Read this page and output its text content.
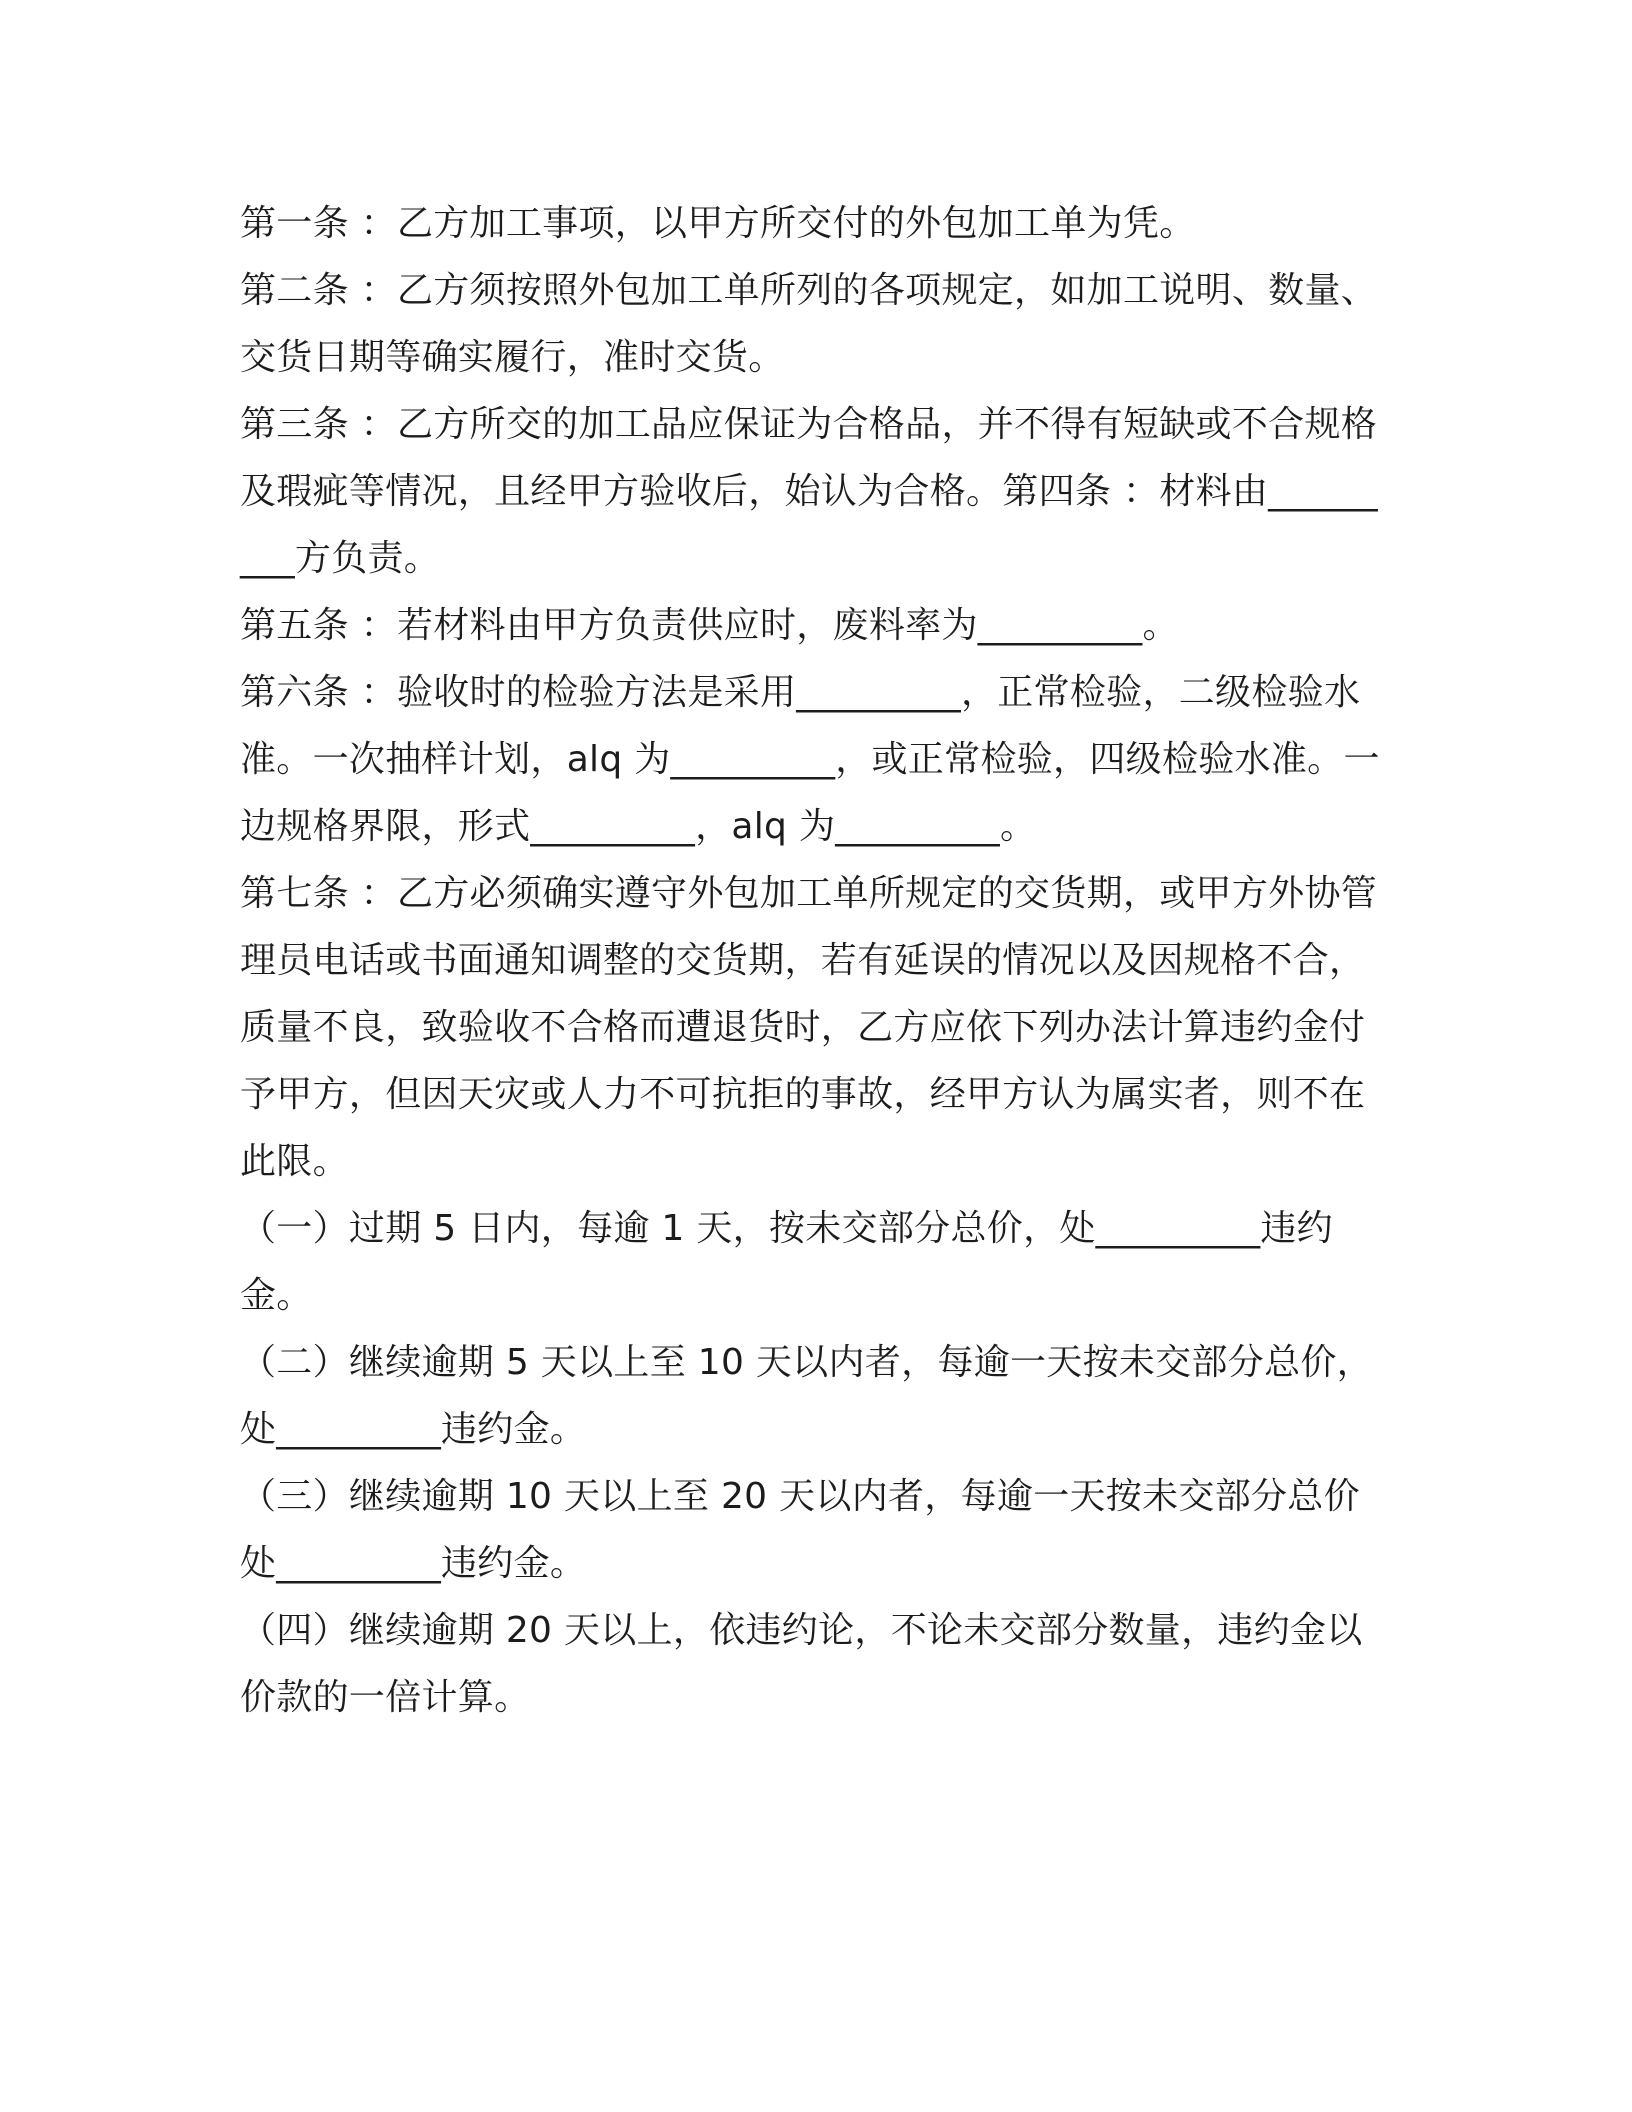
第一条 ：乙方加工事项，以甲方所交付的外包加工单为凭。

第二条 ：乙方须按照外包加工单所列的各项规定，如加工说明、数量、交货日期等确实履行，准时交货。

第三条 ：乙方所交的加工品应保证为合格品，并不得有短缺或不合规格及瑕疵等情况，且经甲方验收后，始认为合格。第四条 ：材料由_________方负责。

第五条 ：若材料由甲方负责供应时，废料率为_________。

第六条 ：验收时的检验方法是采用_________，正常检验，二级检验水准。一次抽样计划，alq 为_________，或正常检验，四级检验水准。一边规格界限，形式_________，alq 为_________。

第七条 ：乙方必须确实遵守外包加工单所规定的交货期，或甲方外协管理员电话或书面通知调整的交货期，若有延误的情况以及因规格不合，质量不良，致验收不合格而遭退货时，乙方应依下列办法计算违约金付予甲方，但因天灾或人力不可抗拒的事故，经甲方认为属实者，则不在此限。

（一）过期 5 日内，每逾 1 天，按未交部分总价，处_________违约金。

（二）继续逾期 5 天以上至 10 天以内者，每逾一天按未交部分总价，处_________违约金。

（三）继续逾期 10 天以上至 20 天以内者，每逾一天按未交部分总价处_________违约金。

（四）继续逾期 20 天以上，依违约论，不论未交部分数量，违约金以价款的一倍计算。
